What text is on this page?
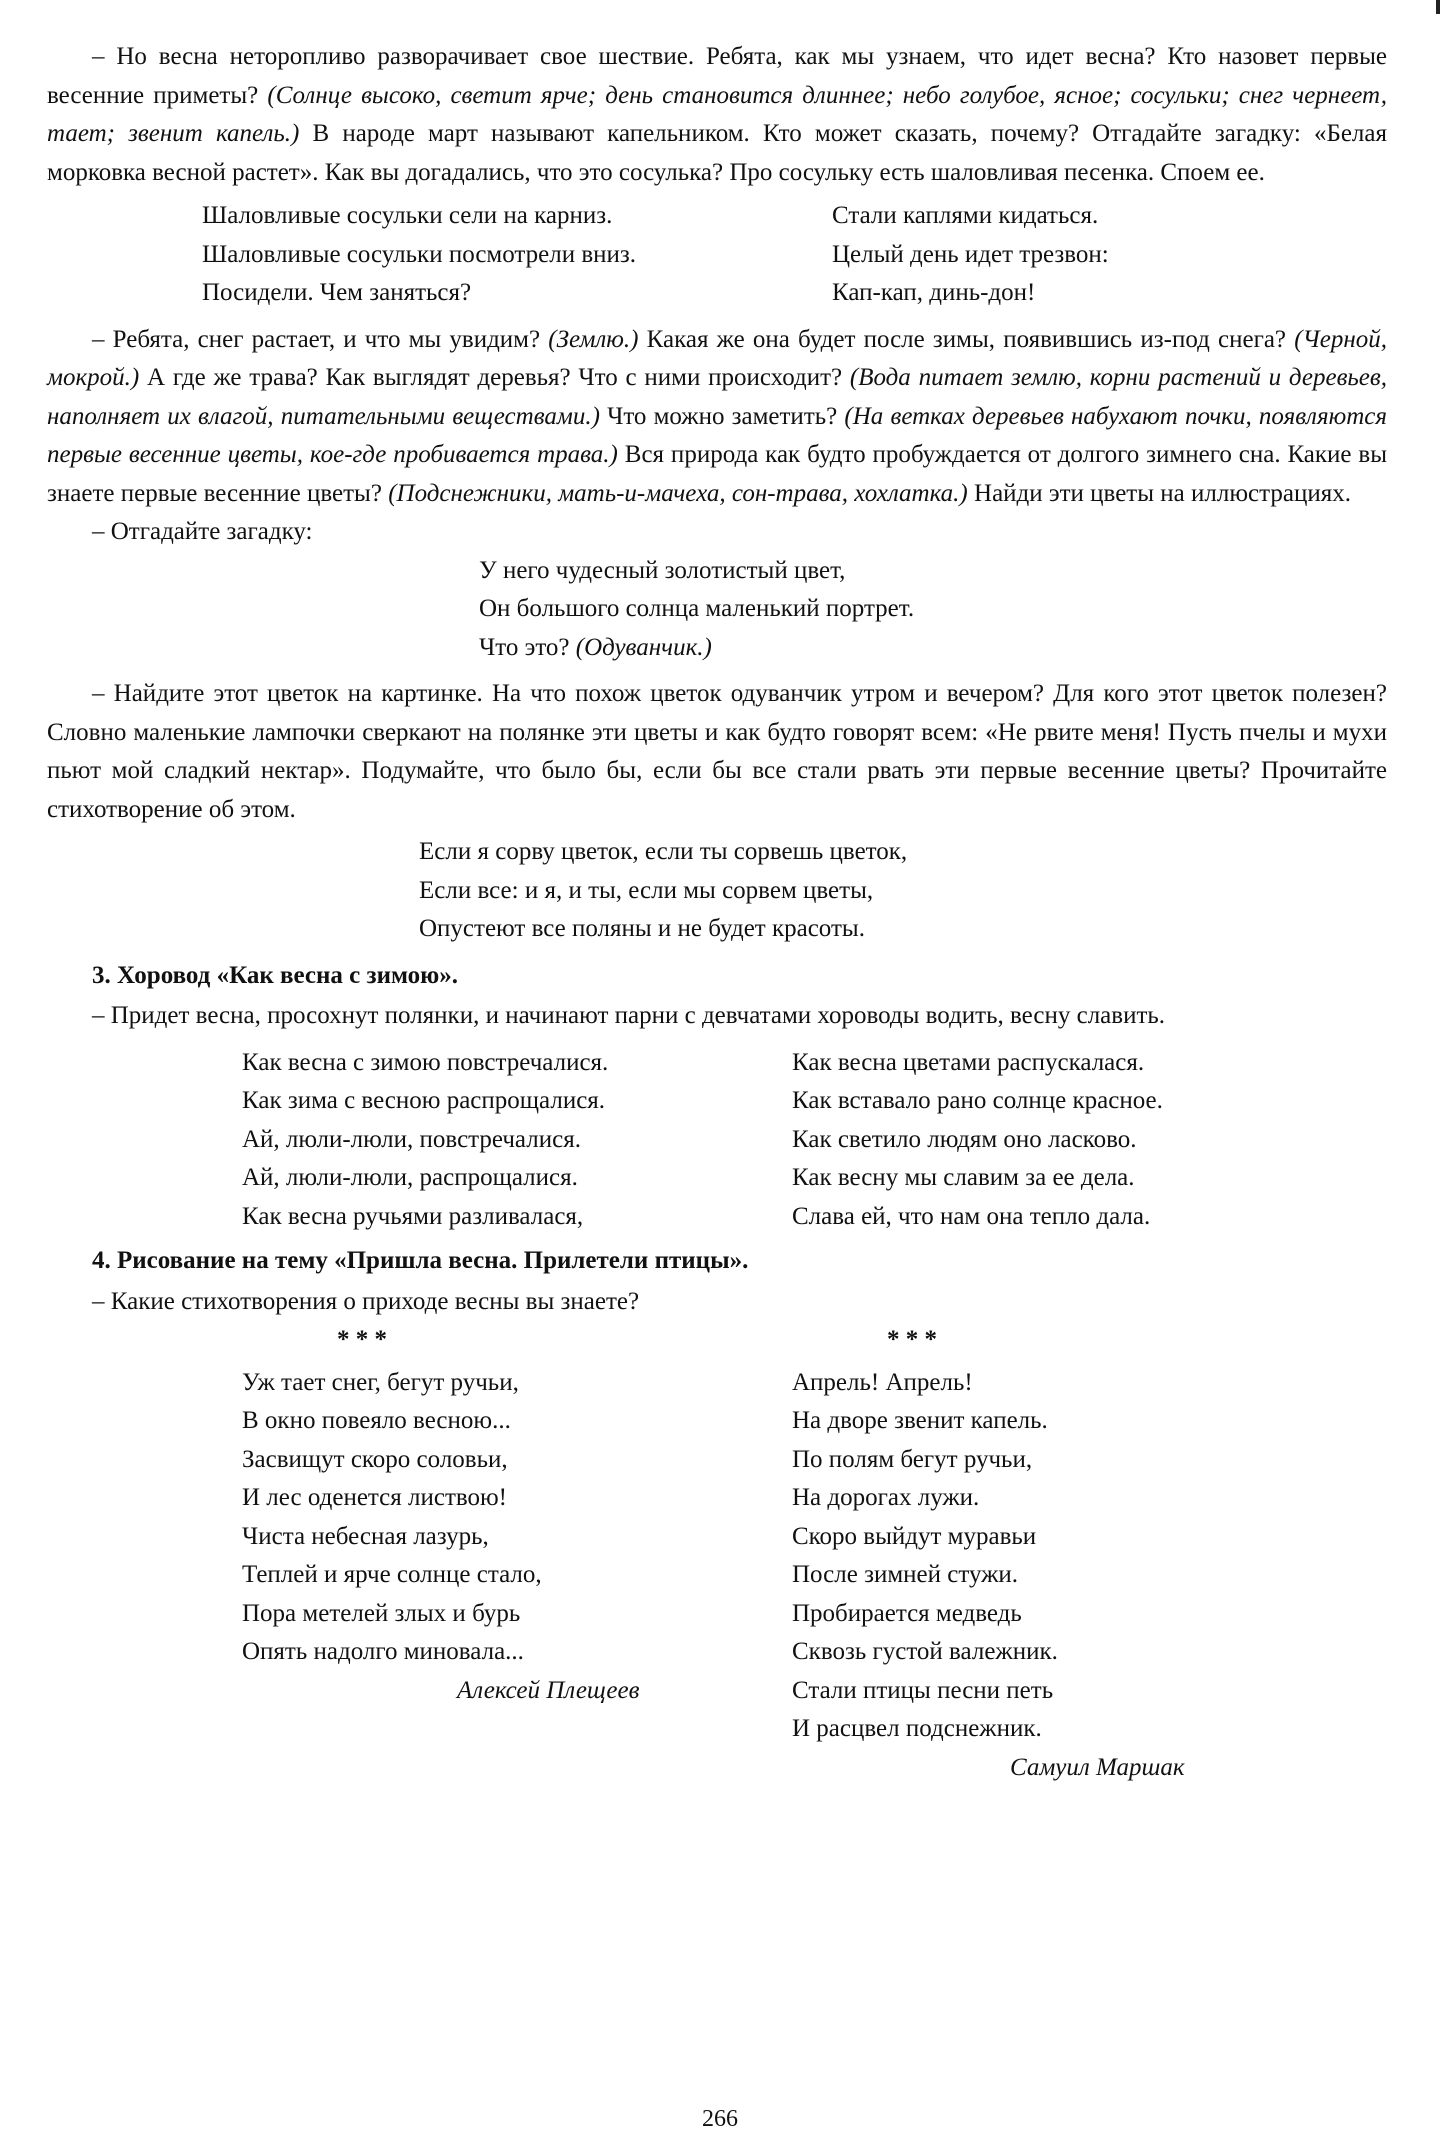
– Но весна неторопливо разворачивает свое шествие. Ребята, как мы узнаем, что идет весна? Кто назовет первые весенние приметы? (Солнце высоко, светит ярче; день становится длиннее; небо голубое, ясное; сосульки; снег чернеет, тает; звенит капель.) В народе март называют капельником. Кто может сказать, почему? Отгадайте загадку: «Белая морковка весной растет». Как вы догадались, что это сосулька? Про сосульку есть шаловливая песенка. Споем ее.

Шаловливые сосульки сели на карниз.
Шаловливые сосульки посмотрели вниз.
Посидели. Чем заняться?
Стали каплями кидаться.
Целый день идет трезвон:
Кап-кап, динь-дон!

– Ребята, снег растает, и что мы увидим? (Землю.) Какая же она будет после зимы, появившись из-под снега? (Черной, мокрой.) А где же трава? Как выглядят деревья? Что с ними происходит? (Вода питает землю, корни растений и деревьев, наполняет их влагой, питательными веществами.) Что можно заметить? (На ветках деревьев набухают почки, появляются первые весенние цветы, кое-где пробивается трава.) Вся природа как будто пробуждается от долгого зимнего сна. Какие вы знаете первые весенние цветы? (Подснежники, мать-и-мачеха, сон-трава, хохлатка.) Найди эти цветы на иллюстрациях.

– Отгадайте загадку:

У него чудесный золотистый цвет,
Он большого солнца маленький портрет.
Что это? (Одуванчик.)

– Найдите этот цветок на картинке. На что похож цветок одуванчик утром и вечером? Для кого этот цветок полезен? Словно маленькие лампочки сверкают на полянке эти цветы и как будто говорят всем: «Не рвите меня! Пусть пчелы и мухи пьют мой сладкий нектар». Подумайте, что было бы, если бы все стали рвать эти первые весенние цветы? Прочитайте стихотворение об этом.

Если я сорву цветок, если ты сорвешь цветок,
Если все: и я, и ты, если мы сорвем цветы,
Опустеют все поляны и не будет красоты.
3. Хоровод «Как весна с зимою».

– Придет весна, просохнут полянки, и начинают парни с девчатами хороводы водить, весну славить.

Как весна с зимою повстречалися.
Как зима с весною распрощалися.
Ай, люли-люли, повстречалися.
Ай, люли-люли, распрощалися.
Как весна ручьями разливалася,
Как весна цветами распускалася.
Как вставало рано солнце красное.
Как светило людям оно ласково.
Как весну мы славим за ее дела.
Слава ей, что нам она тепло дала.
4. Рисование на тему «Пришла весна. Прилетели птицы».

– Какие стихотворения о приходе весны вы знаете?

* * *
Уж тает снег, бегут ручьи,
В окно повеяло весною...
Засвищут скоро соловьи,
И лес оденется листвою!
Чиста небесная лазурь,
Теплей и ярче солнце стало,
Пора метелей злых и бурь
Опять надолго миновала...
Алексей Плещеев
* * *
Апрель! Апрель!
На дворе звенит капель.
По полям бегут ручьи,
На дорогах лужи.
Скоро выйдут муравьи
После зимней стужи.
Пробирается медведь
Сквозь густой валежник.
Стали птицы песни петь
И расцвел подснежник.
Самуил Маршак
266
